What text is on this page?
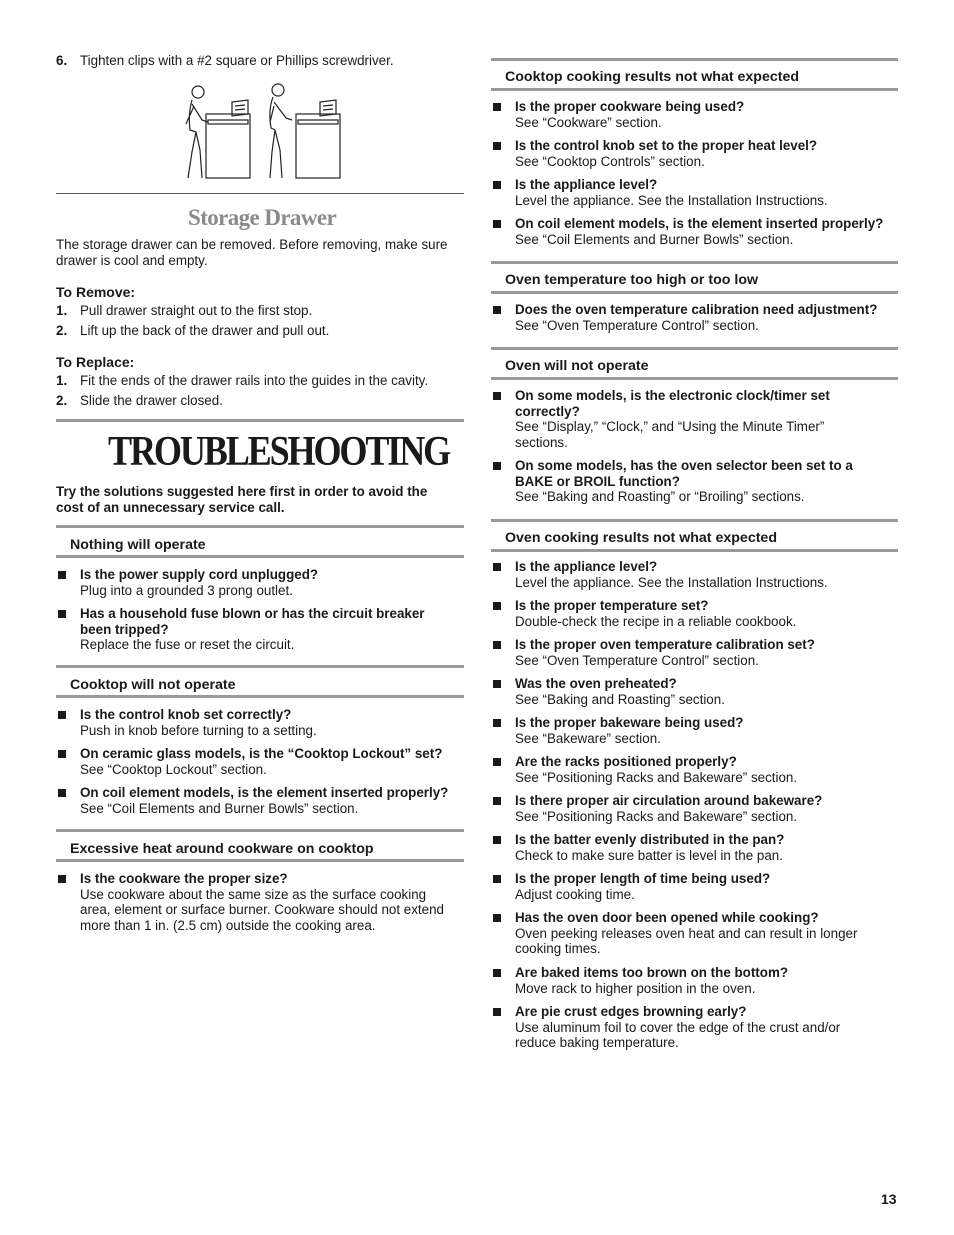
6. Tighten clips with a #2 square or Phillips screwdriver.
Storage Drawer
The storage drawer can be removed. Before removing, make sure
drawer is cool and empty.
To Remove:
1. Pull drawer straight out to the first stop.
2. Lift up the back of the drawer and pull out.
To Replace:
1. Fit the ends of the drawer rails into the guides in the cavity.
2. Slide the drawer closed.
TROUBLESHOOTING
Try the solutions suggested here first in order to avoid the
cost of an unnecessary service call.
Nothing will operate
Is the power supply cord unplugged?
Plug into a grounded 3 prong outlet.
Has a household fuse blown or has the circuit breaker
been tripped?
Replace the fuse or reset the circuit.
Cooktop will not operate
Is the control knob set correctly?
Push in knob before turning to a setting.
On ceramic glass models, is the “Cooktop Lockout” set?
See “Cooktop Lockout” section.
On coil element models, is the element inserted properly?
See “Coil Elements and Burner Bowls” section.
Excessive heat around cookware on cooktop
Is the cookware the proper size?
Use cookware about the same size as the surface cooking
area, element or surface burner. Cookware should not extend
more than 1 in. (2.5 cm) outside the cooking area.
Cooktop cooking results not what expected
Is the proper cookware being used?
See “Cookware” section.
Is the control knob set to the proper heat level?
See “Cooktop Controls” section.
Is the appliance level?
Level the appliance. See the Installation Instructions.
On coil element models, is the element inserted properly?
See “Coil Elements and Burner Bowls” section.
Oven temperature too high or too low
Does the oven temperature calibration need adjustment?
See “Oven Temperature Control” section.
Oven will not operate
On some models, is the electronic clock/timer set
correctly?
See “Display,” “Clock,” and “Using the Minute Timer”
sections.
On some models, has the oven selector been set to a
BAKE or BROIL function?
See “Baking and Roasting” or “Broiling” sections.
Oven cooking results not what expected
Is the appliance level?
Level the appliance. See the Installation Instructions.
Is the proper temperature set?
Double-check the recipe in a reliable cookbook.
Is the proper oven temperature calibration set?
See “Oven Temperature Control” section.
Was the oven preheated?
See “Baking and Roasting” section.
Is the proper bakeware being used?
See “Bakeware” section.
Are the racks positioned properly?
See “Positioning Racks and Bakeware” section.
Is there proper air circulation around bakeware?
See “Positioning Racks and Bakeware” section.
Is the batter evenly distributed in the pan?
Check to make sure batter is level in the pan.
Is the proper length of time being used?
Adjust cooking time.
Has the oven door been opened while cooking?
Oven peeking releases oven heat and can result in longer
cooking times.
Are baked items too brown on the bottom?
Move rack to higher position in the oven.
Are pie crust edges browning early?
Use aluminum foil to cover the edge of the crust and/or
reduce baking temperature.
13
